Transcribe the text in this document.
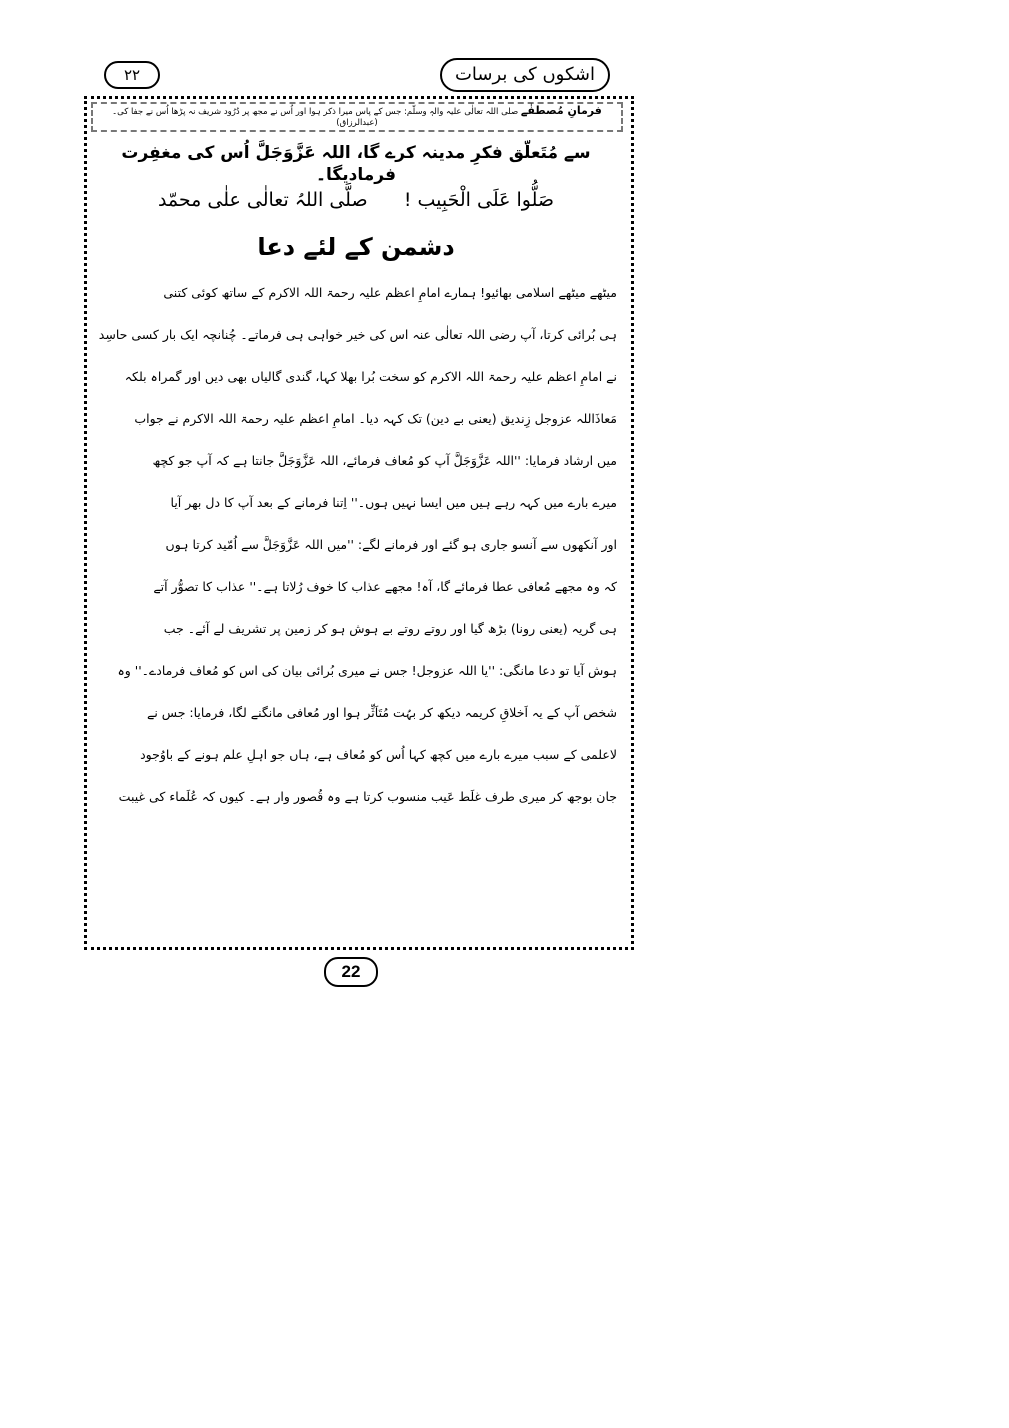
٢٢	اشکوں کی برسات
فرمانِ مُصطفٰے صلی اللہ تعالٰی علیہ والہٖ وسلّم: جس کے پاس میرا ذکر ہوا اور اُس نے مجھ پر دُرُود شریف نہ پڑھا اُس نے جفا کی۔ (عبدالرزاق)
سے مُتَعلّق فکرِ مدینہ کرے گا، اللہ عَزَّوَجَلَّ اُس کی مغفِرت فرمادیگا۔
صَلُّوا عَلَی الْحَبِیب !      صلَّی اللہُ تعالٰی علٰی محمّد
دشمن کے لئے دعا
میٹھے میٹھے اسلامی بھائیو! ہمارے امامِ اعظم علیہ رحمۃ اللہ الاکرم کے ساتھ کوئی کتنی
ہی بُرائی کرتا، آپ رضی اللہ تعالٰی عنہ اس کی خیر خواہی ہی فرماتے۔ چُنانچہ ایک بار کسی حاسِد
نے امامِ اعظم علیہ رحمۃ اللہ الاکرم کو سخت بُرا بھلا کہا، گندی گالیاں بھی دیں اور گمراہ بلکہ
مَعاذَاللہ عزوجل زِندیق (یعنی بے دین) تک کہہ دیا۔ امامِ اعظم علیہ رحمۃ اللہ الاکرم نے جواب
میں ارشاد فرمایا: ''اللہ عَزَّوَجَلَّ آپ کو مُعاف فرمائے، اللہ عَزَّوَجَلَّ جانتا ہے کہ آپ جو کچھ
میرے بارے میں کہہ رہے ہیں میں ایسا نہیں ہوں۔'' اِتنا فرمانے کے بعد آپ کا دل بھر آیا
اور آنکھوں سے آنسو جاری ہو گئے اور فرمانے لگے: ''میں اللہ عَزَّوَجَلَّ سے اُمّید کرتا ہوں
کہ وہ مجھے مُعافی عطا فرمائے گا، آہ! مجھے عذاب کا خوف رُلاتا ہے۔'' عذاب کا تصوُّر آتے
ہی گریہ (یعنی رونا) بڑھ گیا اور روتے روتے بے ہوش ہو کر زمین پر تشریف لے آئے۔ جب
ہوش آیا تو دعا مانگی: ''یا اللہ عزوجل! جس نے میری بُرائی بیان کی اس کو مُعاف فرمادے۔'' وہ
شخص آپ کے یہ اَخلاقِ کریمہ دیکھ کر بہُت مُتَاَثِّر ہوا اور مُعافی مانگنے لگا، فرمایا: جس نے
لاعلمی کے سبب میرے بارے میں کچھ کہا اُس کو مُعاف ہے، ہاں جو اہلِ علم ہونے کے باوُجود
جان بوجھ کر میری طرف غلَط عَیب منسوب کرتا ہے وہ قُصور وار ہے۔ کیوں کہ عُلَماء کی غیبت
22
